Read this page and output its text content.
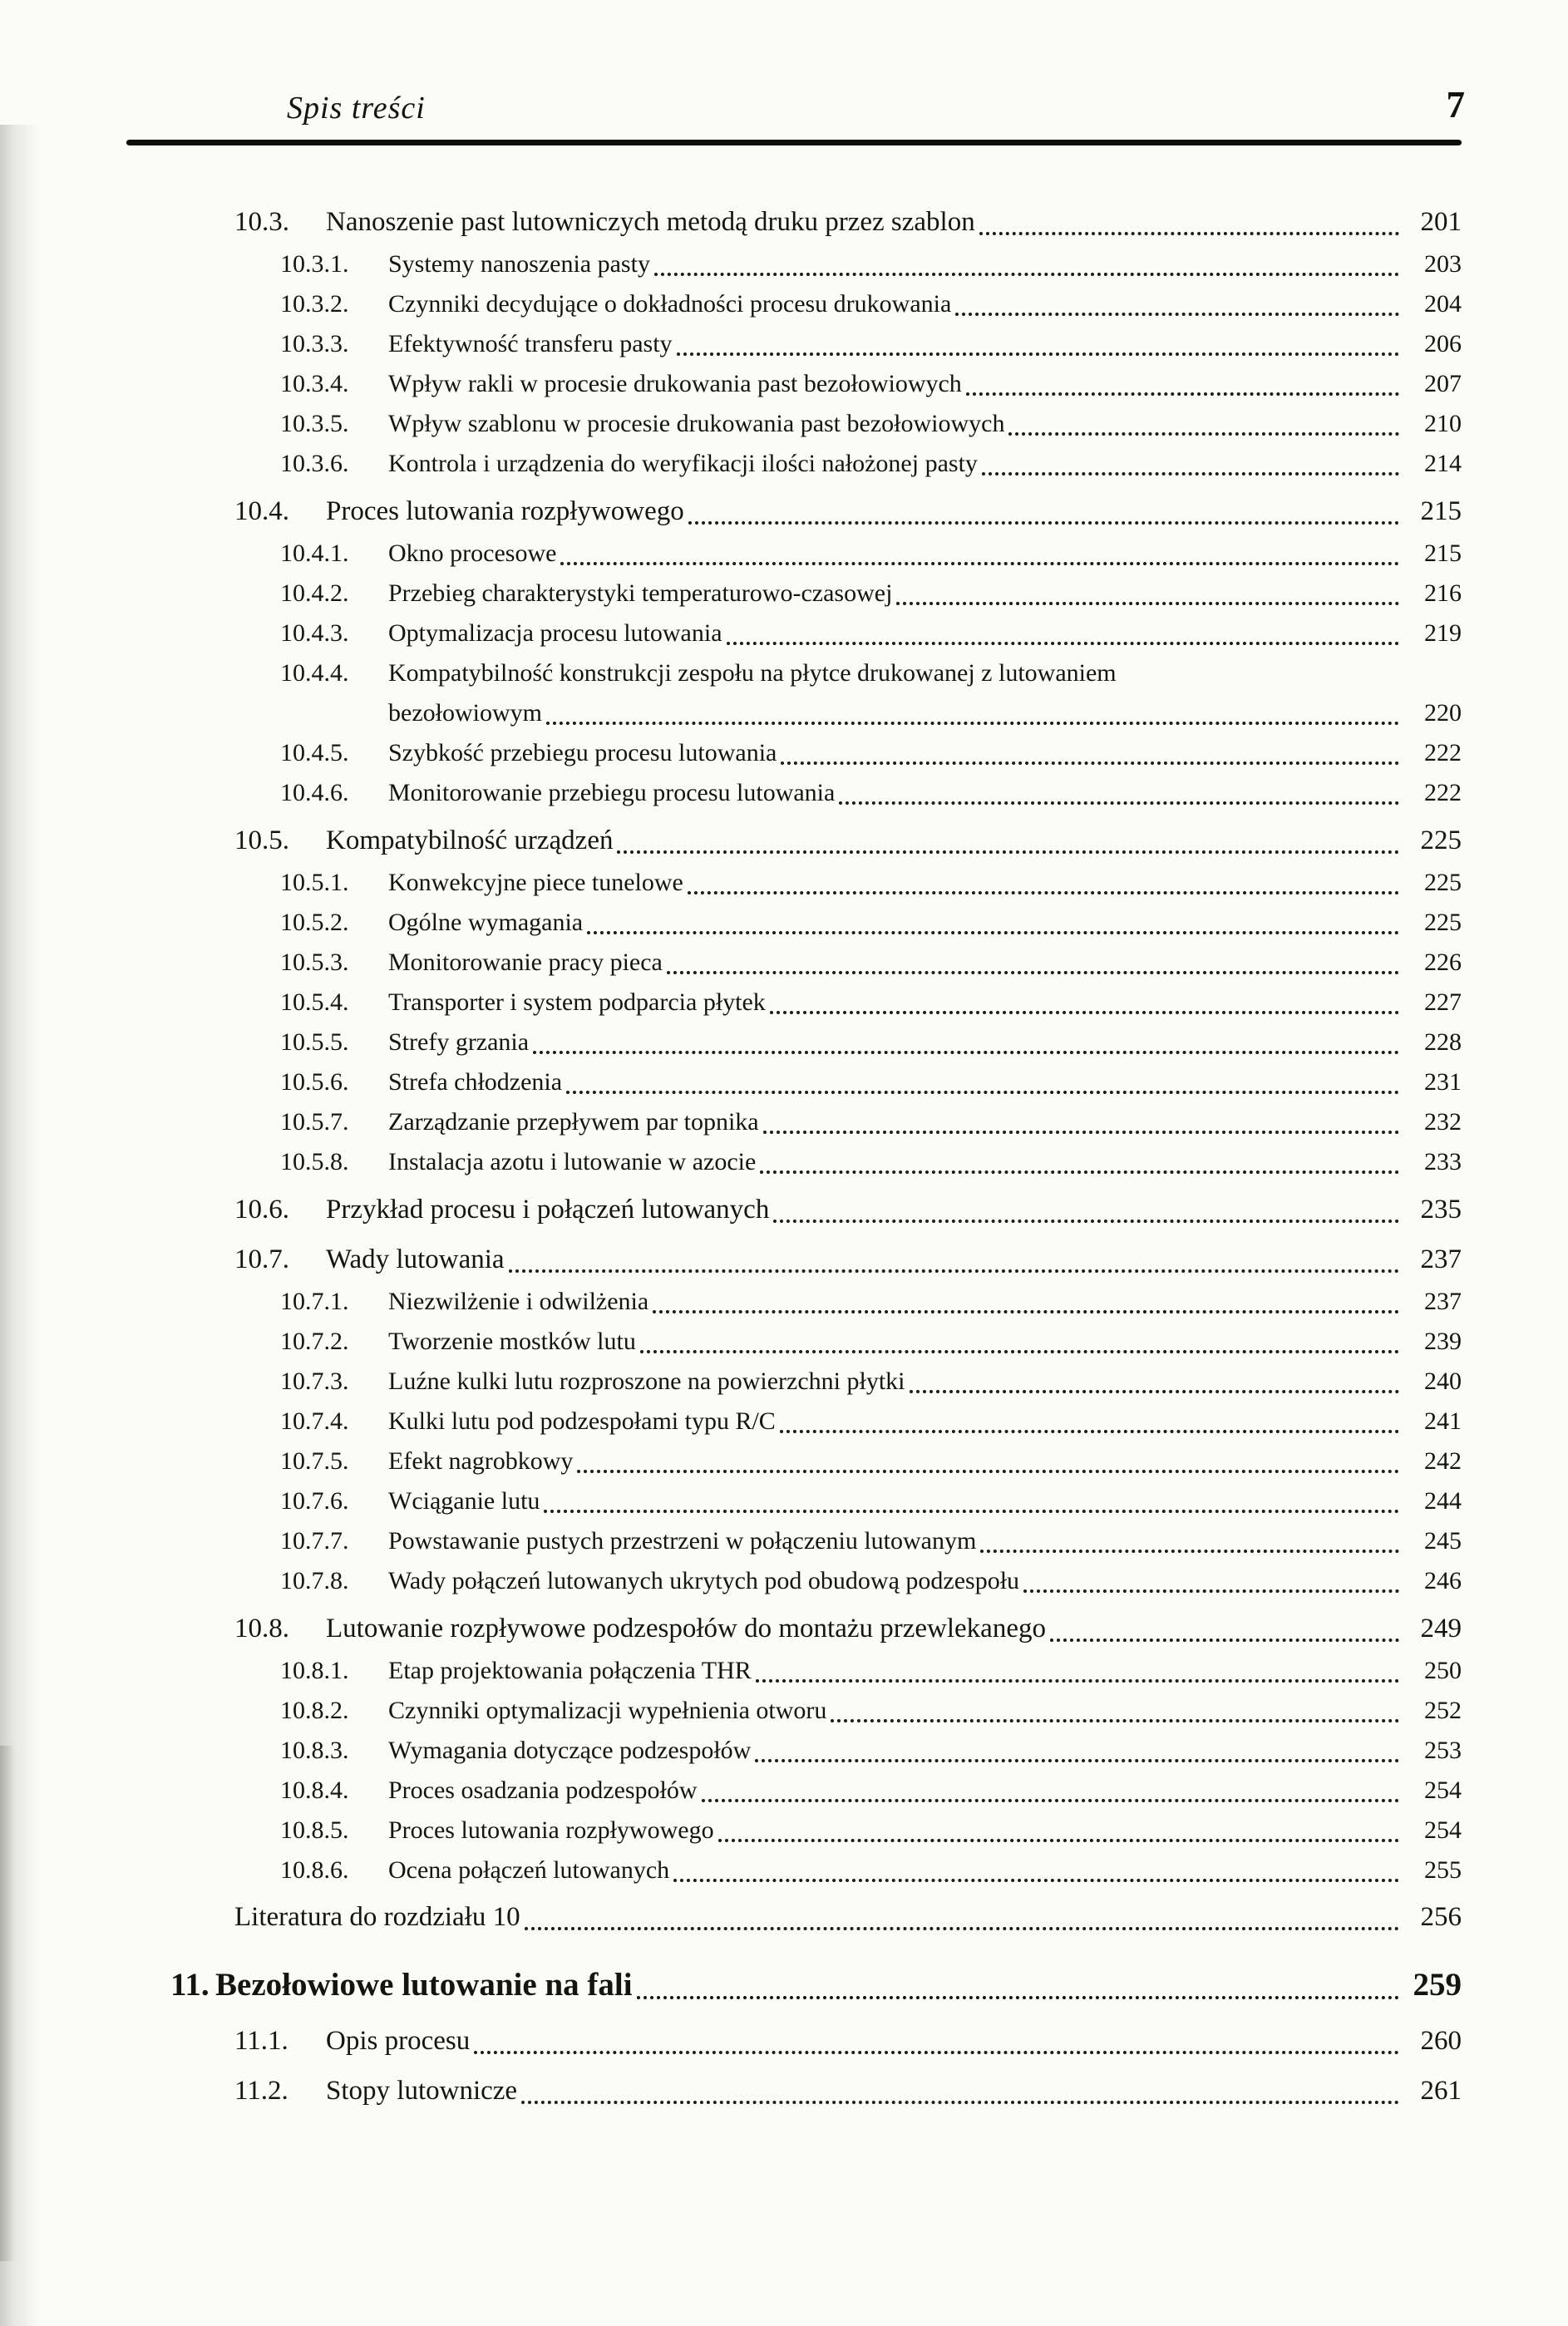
Spis treści	7
10.3.	Nanoszenie past lutowniczych metodą druku przez szablon	201
10.3.1.	Systemy nanoszenia pasty	203
10.3.2.	Czynniki decydujące o dokładności procesu drukowania	204
10.3.3.	Efektywność transferu pasty	206
10.3.4.	Wpływ rakli w procesie drukowania past bezołowiowych	207
10.3.5.	Wpływ szablonu w procesie drukowania past bezołowiowych	210
10.3.6.	Kontrola i urządzenia do weryfikacji ilości nałożonej pasty	214
10.4.	Proces lutowania rozpływowego	215
10.4.1.	Okno procesowe	215
10.4.2.	Przebieg charakterystyki temperaturowo-czasowej	216
10.4.3.	Optymalizacja procesu lutowania	219
10.4.4.	Kompatybilność konstrukcji zespołu na płytce drukowanej z lutowaniem
bezołowiowym	220
10.4.5.	Szybkość przebiegu procesu lutowania	222
10.4.6.	Monitorowanie przebiegu procesu lutowania	222
10.5.	Kompatybilność urządzeń	225
10.5.1.	Konwekcyjne piece tunelowe	225
10.5.2.	Ogólne wymagania	225
10.5.3.	Monitorowanie pracy pieca	226
10.5.4.	Transporter i system podparcia płytek	227
10.5.5.	Strefy grzania	228
10.5.6.	Strefa chłodzenia	231
10.5.7.	Zarządzanie przepływem par topnika	232
10.5.8.	Instalacja azotu i lutowanie w azocie	233
10.6.	Przykład procesu i połączeń lutowanych	235
10.7.	Wady lutowania	237
10.7.1.	Niezwilżenie i odwilżenia	237
10.7.2.	Tworzenie mostków lutu	239
10.7.3.	Luźne kulki lutu rozproszone na powierzchni płytki	240
10.7.4.	Kulki lutu pod podzespołami typu R/C	241
10.7.5.	Efekt nagrobkowy	242
10.7.6.	Wciąganie lutu	244
10.7.7.	Powstawanie pustych przestrzeni w połączeniu lutowanym	245
10.7.8.	Wady połączeń lutowanych ukrytych pod obudową podzespołu	246
10.8.	Lutowanie rozpływowe podzespołów do montażu przewlekanego	249
10.8.1.	Etap projektowania połączenia THR	250
10.8.2.	Czynniki optymalizacji wypełnienia otworu	252
10.8.3.	Wymagania dotyczące podzespołów	253
10.8.4.	Proces osadzania podzespołów	254
10.8.5.	Proces lutowania rozpływowego	254
10.8.6.	Ocena połączeń lutowanych	255
Literatura do rozdziału 10	256
11. Bezołowiowe lutowanie na fali	259
11.1.	Opis procesu	260
11.2.	Stopy lutownicze	261
